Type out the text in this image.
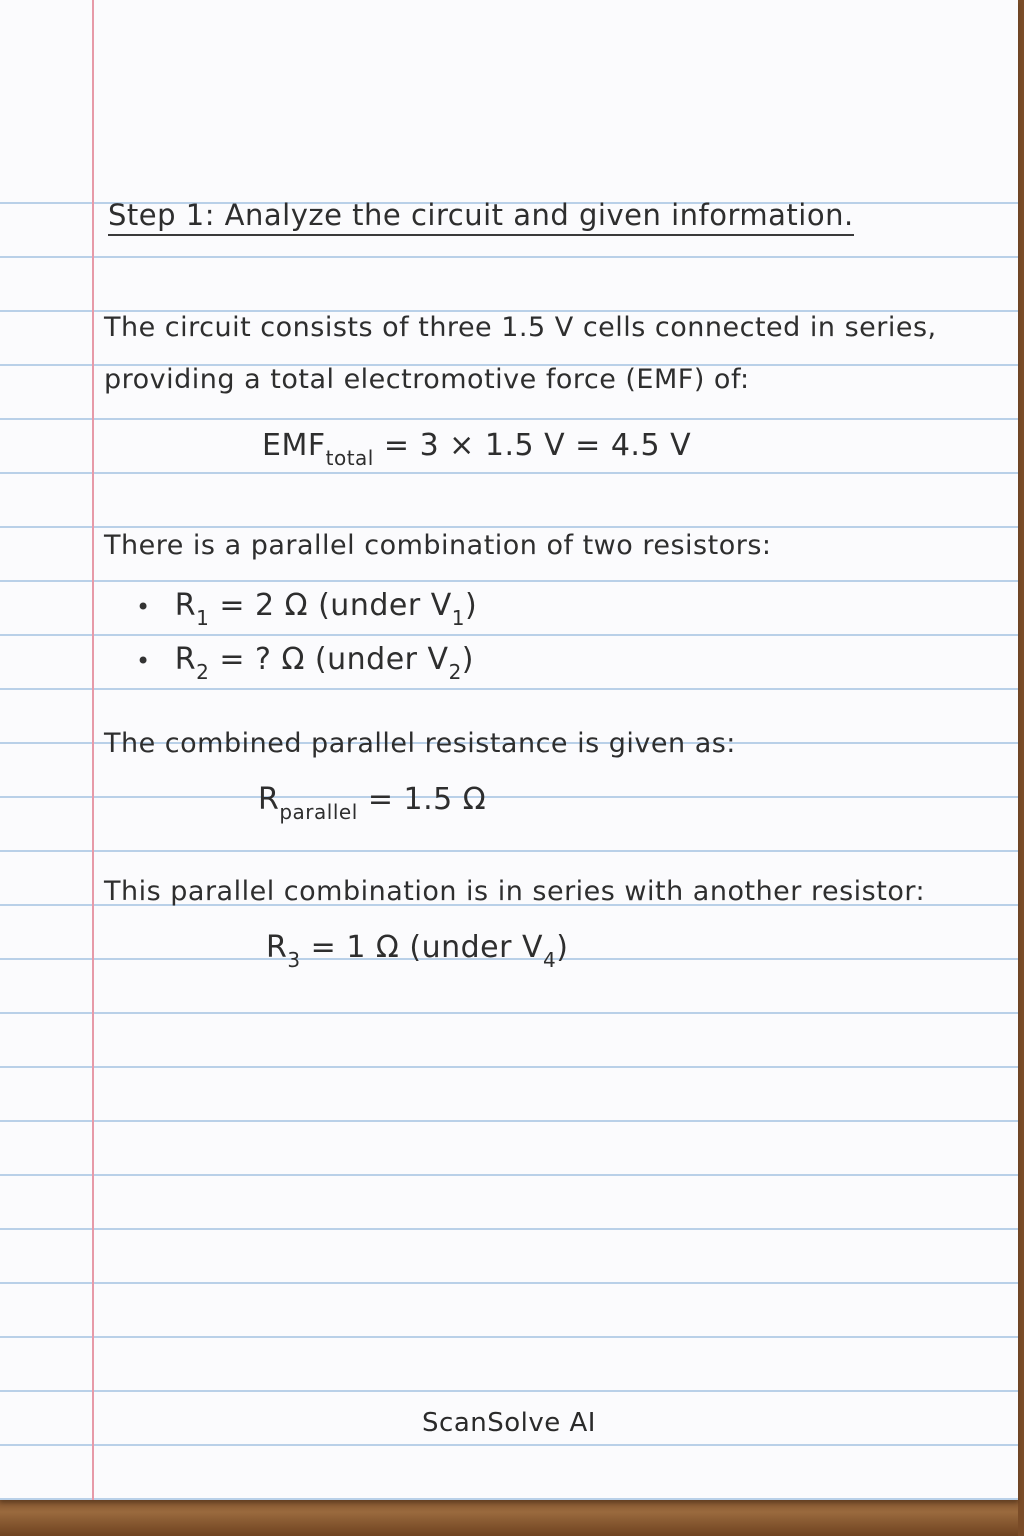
Step 1: Analyze the circuit and given information.
The circuit consists of three 1.5 V cells connected in series,
providing a total electromotive force (EMF) of:
$EMF_{total} = 3 \times 1.5$ V = 4.5 V
There is a parallel combination of two resistors:
• $R_1 = 2$ Ω (under $V_1$)
• $R_2$ = ? Ω (under $V_2$)
The combined parallel resistance is given as:
$R_{parallel} = 1.5$ Ω
This parallel combination is in series with another resistor:
$R_3 = 1$ Ω (under $V_4$)
ScanSolve AI
